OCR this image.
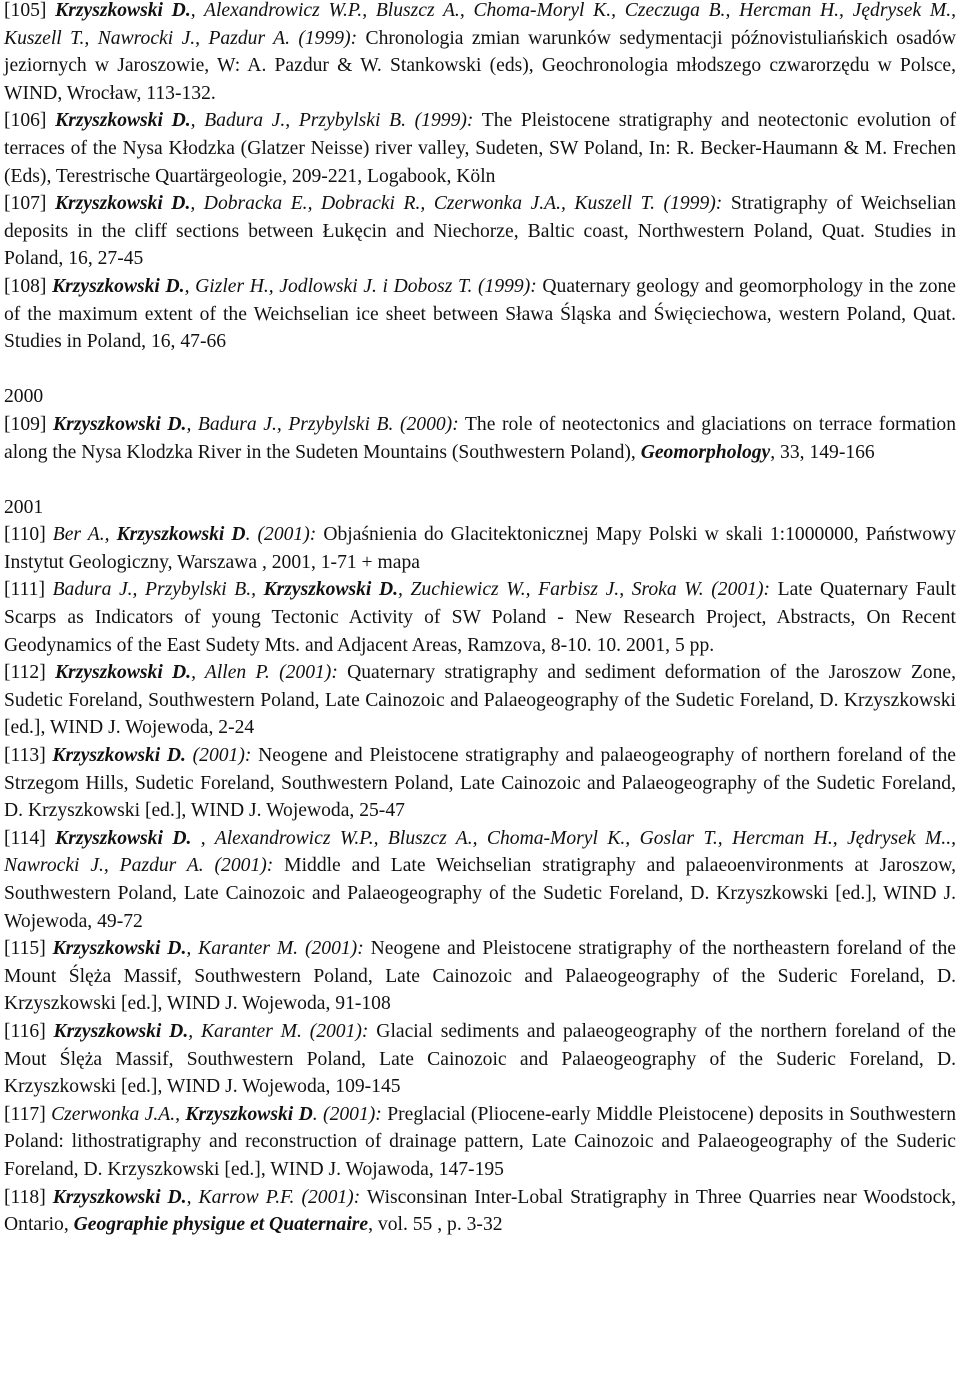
[105] Krzyszkowski D., Alexandrowicz W.P., Bluszcz A., Choma-Moryl K., Czeczuga B., Hercman H., Jędrysek M., Kuszell T., Nawrocki J., Pazdur A. (1999): Chronologia zmian warunków sedymentacji późnovistuliańskich osadów jeziornych w Jaroszowie, W: A. Pazdur & W. Stankowski (eds), Geochronologia młodszego czwarorzędu w Polsce, WIND, Wrocław, 113-132.

[106] Krzyszkowski D., Badura J., Przybylski B. (1999): The Pleistocene stratigraphy and neotectonic evolution of terraces of the Nysa Kłodzka (Glatzer Neisse) river valley, Sudeten, SW Poland, In: R. Becker-Haumann & M. Frechen (Eds), Terestrische Quartärgeologie, 209-221, Logabook, Köln

[107] Krzyszkowski D., Dobracka E., Dobracki R., Czerwonka J.A., Kuszell T. (1999): Stratigraphy of Weichselian deposits in the cliff sections between Łukęcin and Niechorze, Baltic coast, Northwestern Poland, Quat. Studies in Poland, 16, 27-45

[108] Krzyszkowski D., Gizler H., Jodlowski J. i Dobosz T. (1999): Quaternary geology and geomorphology in the zone of the maximum extent of the Weichselian ice sheet between Sława Śląska and Święciechowa, western Poland, Quat. Studies in Poland, 16, 47-66

2000

[109] Krzyszkowski D., Badura J., Przybylski B. (2000): The role of neotectonics and glaciations on terrace formation along the Nysa Klodzka River in the Sudeten Mountains (Southwestern Poland), Geomorphology, 33, 149-166

2001

[110] Ber A., Krzyszkowski D. (2001): Objaśnienia do Glacitektonicznej Mapy Polski w skali 1:1000000, Państwowy Instytut Geologiczny, Warszawa , 2001, 1-71 + mapa

[111] Badura J., Przybylski B., Krzyszkowski D., Zuchiewicz W., Farbisz J., Sroka W. (2001): Late Quaternary Fault Scarps as Indicators of young Tectonic Activity of SW Poland - New Research Project, Abstracts, On Recent Geodynamics of the East Sudety Mts. and Adjacent Areas, Ramzova, 8-10. 10. 2001, 5 pp.

[112] Krzyszkowski D., Allen P. (2001): Quaternary stratigraphy and sediment deformation of the Jaroszow Zone, Sudetic Foreland, Southwestern Poland, Late Cainozoic and Palaeogeography of the Sudetic Foreland, D. Krzyszkowski [ed.], WIND J. Wojewoda, 2-24

[113] Krzyszkowski D. (2001): Neogene and Pleistocene stratigraphy and palaeogeography of northern foreland of the Strzegom Hills, Sudetic Foreland, Southwestern Poland, Late Cainozoic and Palaeogeography of the Sudetic Foreland, D. Krzyszkowski [ed.], WIND J. Wojewoda, 25-47

[114] Krzyszkowski D. , Alexandrowicz W.P., Bluszcz A., Choma-Moryl K., Goslar T., Hercman H., Jędrysek M.., Nawrocki J., Pazdur A. (2001): Middle and Late Weichselian stratigraphy and palaeoenvironments at Jaroszow, Southwestern Poland, Late Cainozoic and Palaeogeography of the Sudetic Foreland, D. Krzyszkowski [ed.], WIND J. Wojewoda, 49-72

[115] Krzyszkowski D., Karanter M. (2001): Neogene and Pleistocene stratigraphy of the northeastern foreland of the Mount Ślęża Massif, Southwestern Poland, Late Cainozoic and Palaeogeography of the Suderic Foreland, D. Krzyszkowski [ed.], WIND J. Wojewoda, 91-108

[116] Krzyszkowski D., Karanter M. (2001): Glacial sediments and palaeogeography of the northern foreland of the Mout Ślęża Massif, Southwestern Poland, Late Cainozoic and Palaeogeography of the Suderic Foreland, D. Krzyszkowski [ed.], WIND J. Wojewoda, 109-145

[117] Czerwonka J.A., Krzyszkowski D. (2001): Preglacial (Pliocene-early Middle Pleistocene) deposits in Southwestern Poland: lithostratigraphy and reconstruction of drainage pattern, Late Cainozoic and Palaeogeography of the Suderic Foreland, D. Krzyszkowski [ed.], WIND J. Wojawoda, 147-195

[118] Krzyszkowski D., Karrow P.F. (2001): Wisconsinan Inter-Lobal Stratigraphy in Three Quarries near Woodstock, Ontario, Geographie physigue et Quaternaire, vol. 55 , p. 3-32
